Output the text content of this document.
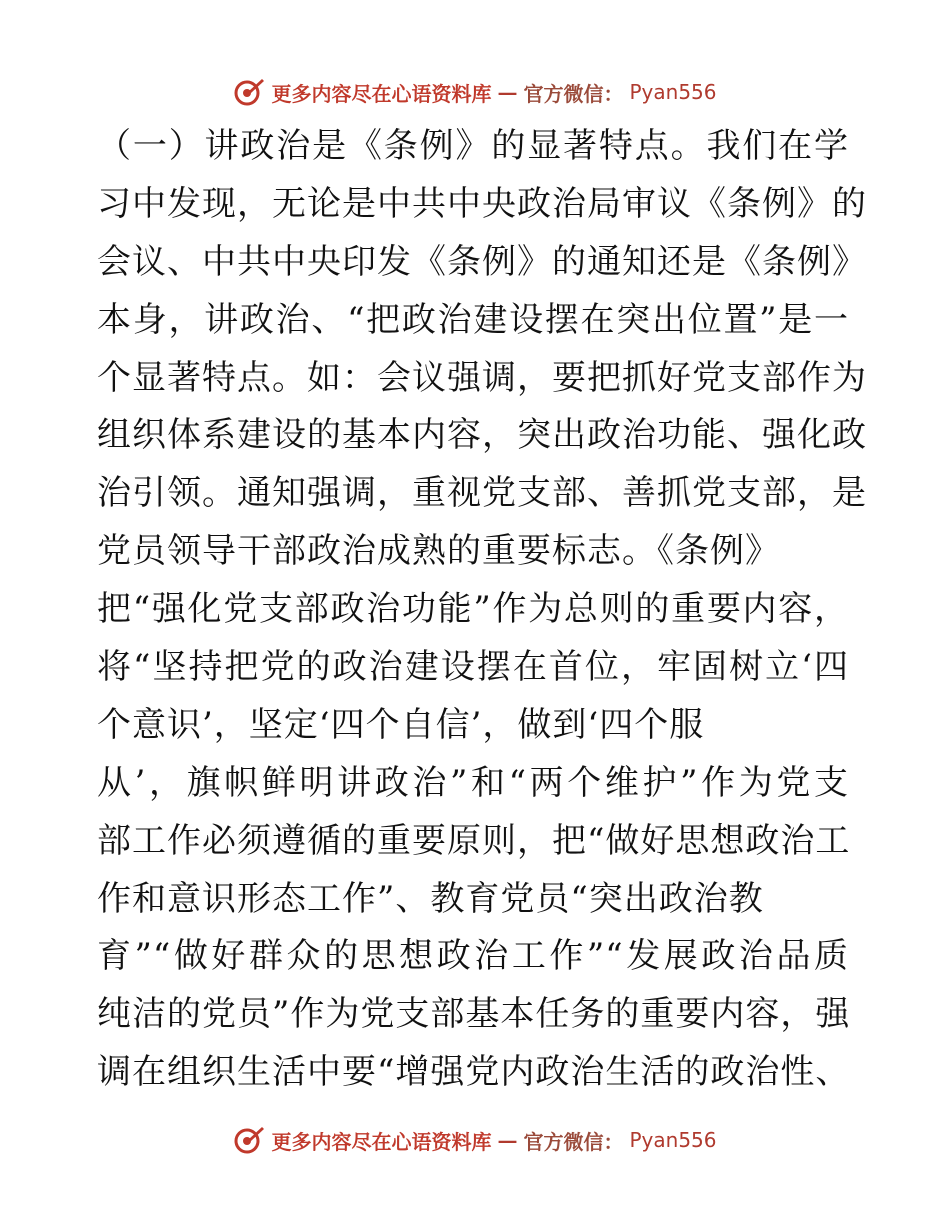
更多内容尽在心语资料库 — 官方微信： Pyan556
（一）讲政治是《条例》的显著特点。我们在学
习中发现，无论是中共中央政治局审议《条例》的
会议、中共中央印发《条例》的通知还是《条例》
本身，讲政治、“把政治建设摆在突出位置”是一
个显著特点。如：会议强调，要把抓好党支部作为
组织体系建设的基本内容，突出政治功能、强化政
治引领。通知强调，重视党支部、善抓党支部，是
党员领导干部政治成熟的重要标志。《条例》
把“强化党支部政治功能”作为总则的重要内容，
将“坚持把党的政治建设摆在首位，牢固树立‘四
个意识’，坚定‘四个自信’，做到‘四个服
从’，旗帜鲜明讲政治”和“两个维护”作为党支
部工作必须遵循的重要原则，把“做好思想政治工
作和意识形态工作”、教育党员“突出政治教
育”“做好群众的思想政治工作”“发展政治品质
纯洁的党员”作为党支部基本任务的重要内容，强
调在组织生活中要“增强党内政治生活的政治性、
更多内容尽在心语资料库 — 官方微信： Pyan556
